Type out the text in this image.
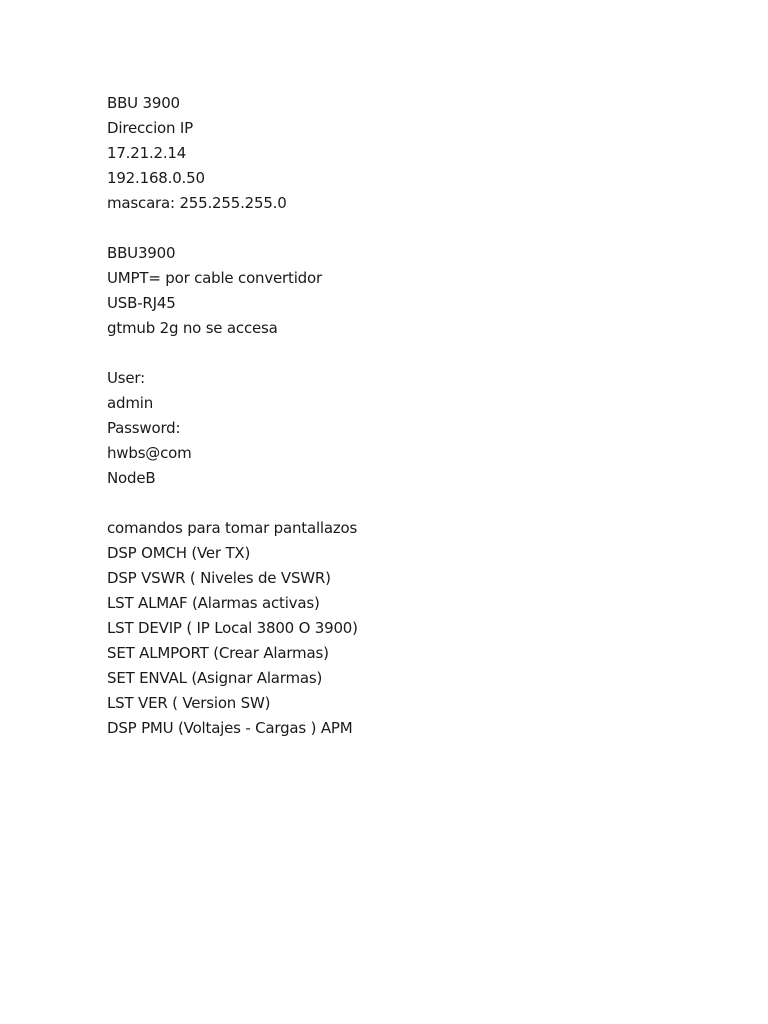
BBU 3900
Direccion IP
17.21.2.14
192.168.0.50
mascara: 255.255.255.0
BBU3900
UMPT= por cable convertidor
USB-RJ45
gtmub 2g no se accesa
User:
admin
Password:
hwbs@com
NodeB
comandos para tomar pantallazos
DSP OMCH (Ver TX)
DSP VSWR ( Niveles de VSWR)
LST ALMAF (Alarmas activas)
LST DEVIP ( IP Local 3800 O 3900)
SET ALMPORT (Crear Alarmas)
SET ENVAL (Asignar Alarmas)
LST VER ( Version SW)
DSP PMU (Voltajes - Cargas ) APM
